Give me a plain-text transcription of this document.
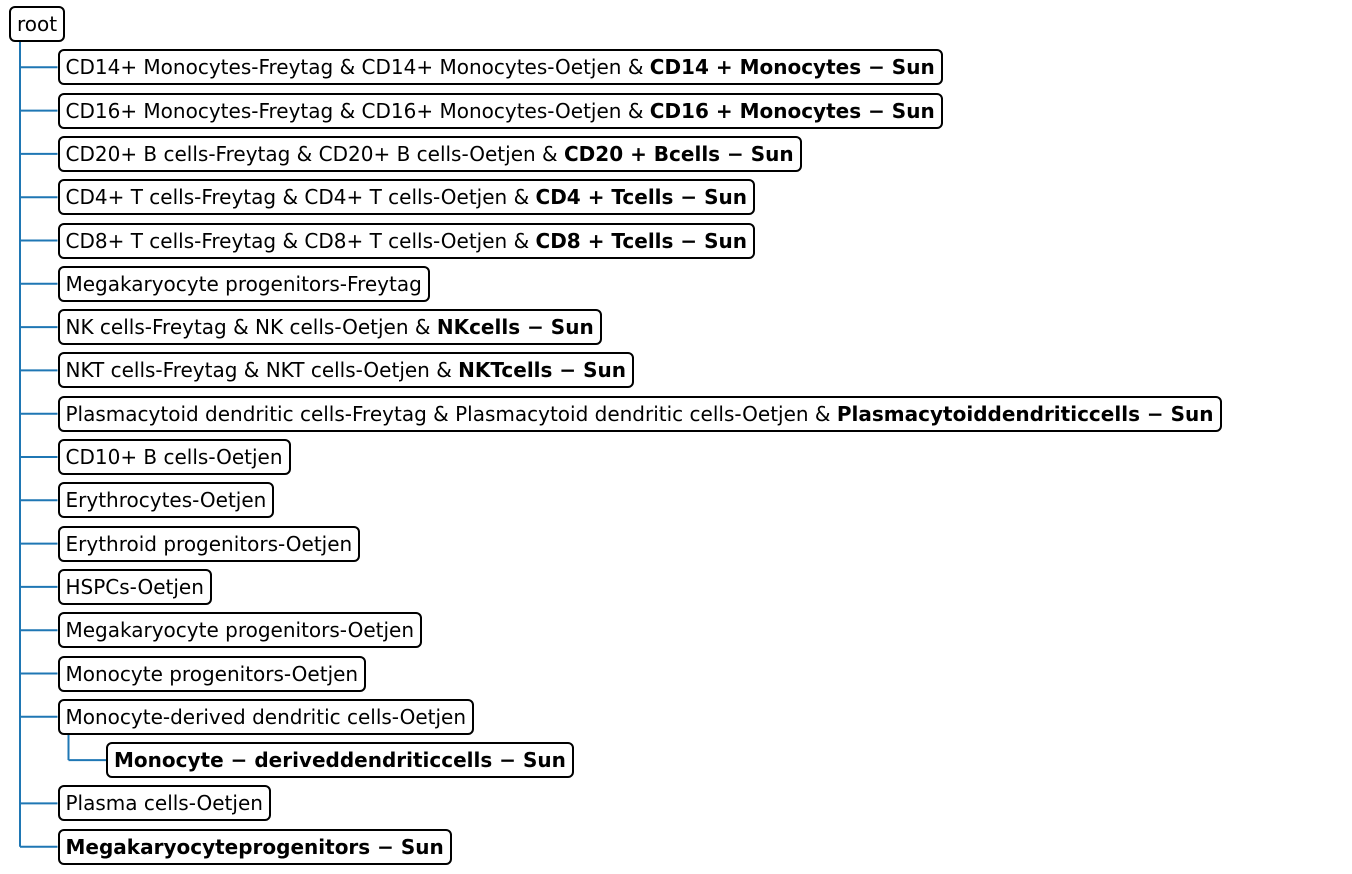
root
CD14+ Monocytes-Freytag & CD14+ Monocytes-Oetjen & CD14 + Monocytes − Sun
CD16+ Monocytes-Freytag & CD16+ Monocytes-Oetjen & CD16 + Monocytes − Sun
CD20+ B cells-Freytag & CD20+ B cells-Oetjen & CD20 + Bcells − Sun
CD4+ T cells-Freytag & CD4+ T cells-Oetjen & CD4 + Tcells − Sun
CD8+ T cells-Freytag & CD8+ T cells-Oetjen & CD8 + Tcells − Sun
Megakaryocyte progenitors-Freytag
NK cells-Freytag & NK cells-Oetjen & NKcells − Sun
NKT cells-Freytag & NKT cells-Oetjen & NKTcells − Sun
Plasmacytoid dendritic cells-Freytag & Plasmacytoid dendritic cells-Oetjen & Plasmacytoiddendriticcells − Sun
CD10+ B cells-Oetjen
Erythrocytes-Oetjen
Erythroid progenitors-Oetjen
HSPCs-Oetjen
Megakaryocyte progenitors-Oetjen
Monocyte progenitors-Oetjen
Monocyte-derived dendritic cells-Oetjen
Monocyte − deriveddendriticcells − Sun
Plasma cells-Oetjen
Megakaryocyteprogenitors − Sun
